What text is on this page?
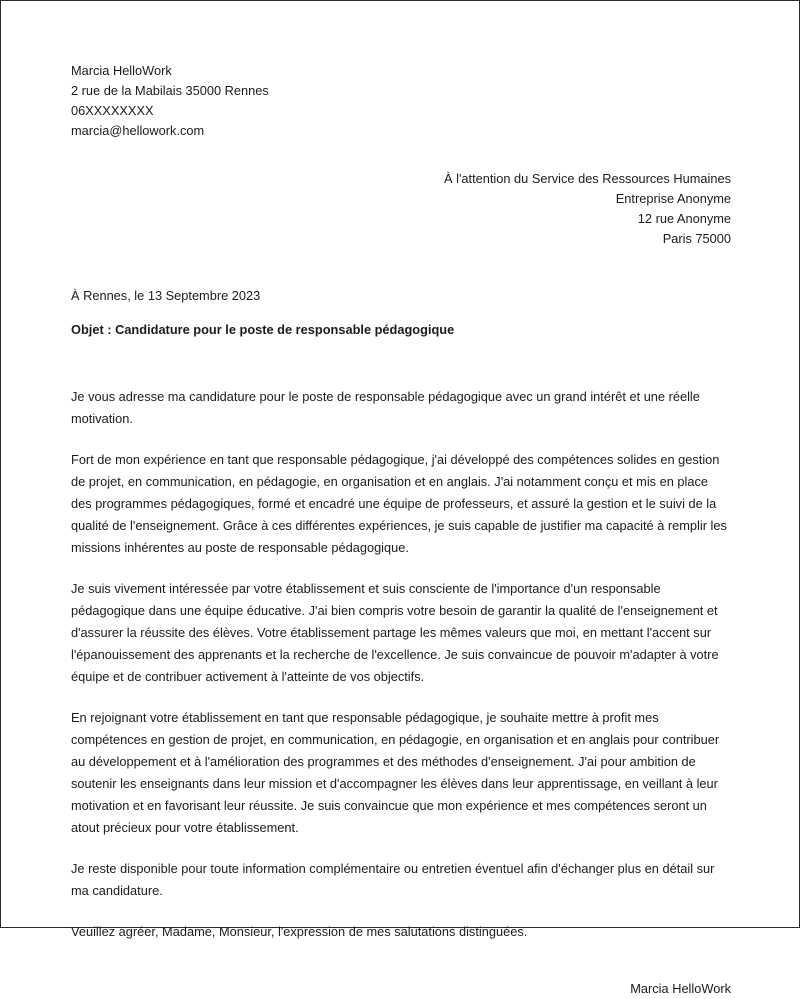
Marcia HelloWork
2 rue de la Mabilais 35000 Rennes
06XXXXXXXX
marcia@hellowork.com
À l'attention du Service des Ressources Humaines
Entreprise Anonyme
12 rue Anonyme
Paris 75000
À Rennes, le 13 Septembre 2023
Objet : Candidature pour le poste de responsable pédagogique

Je vous adresse ma candidature pour le poste de responsable pédagogique avec un grand intérêt et une réelle motivation.

Fort de mon expérience en tant que responsable pédagogique, j'ai développé des compétences solides en gestion de projet, en communication, en pédagogie, en organisation et en anglais. J'ai notamment conçu et mis en place des programmes pédagogiques, formé et encadré une équipe de professeurs, et assuré la gestion et le suivi de la qualité de l'enseignement. Grâce à ces différentes expériences, je suis capable de justifier ma capacité à remplir les missions inhérentes au poste de responsable pédagogique.

Je suis vivement intéressée par votre établissement et suis consciente de l'importance d'un responsable pédagogique dans une équipe éducative. J'ai bien compris votre besoin de garantir la qualité de l'enseignement et d'assurer la réussite des élèves. Votre établissement partage les mêmes valeurs que moi, en mettant l'accent sur l'épanouissement des apprenants et la recherche de l'excellence. Je suis convaincue de pouvoir m'adapter à votre équipe et de contribuer activement à l'atteinte de vos objectifs.

En rejoignant votre établissement en tant que responsable pédagogique, je souhaite mettre à profit mes compétences en gestion de projet, en communication, en pédagogie, en organisation et en anglais pour contribuer au développement et à l'amélioration des programmes et des méthodes d'enseignement. J'ai pour ambition de soutenir les enseignants dans leur mission et d'accompagner les élèves dans leur apprentissage, en veillant à leur motivation et en favorisant leur réussite. Je suis convaincue que mon expérience et mes compétences seront un atout précieux pour votre établissement.

Je reste disponible pour toute information complémentaire ou entretien éventuel afin d'échanger plus en détail sur ma candidature.

Veuillez agréer, Madame, Monsieur, l'expression de mes salutations distinguées.

Marcia HelloWork
